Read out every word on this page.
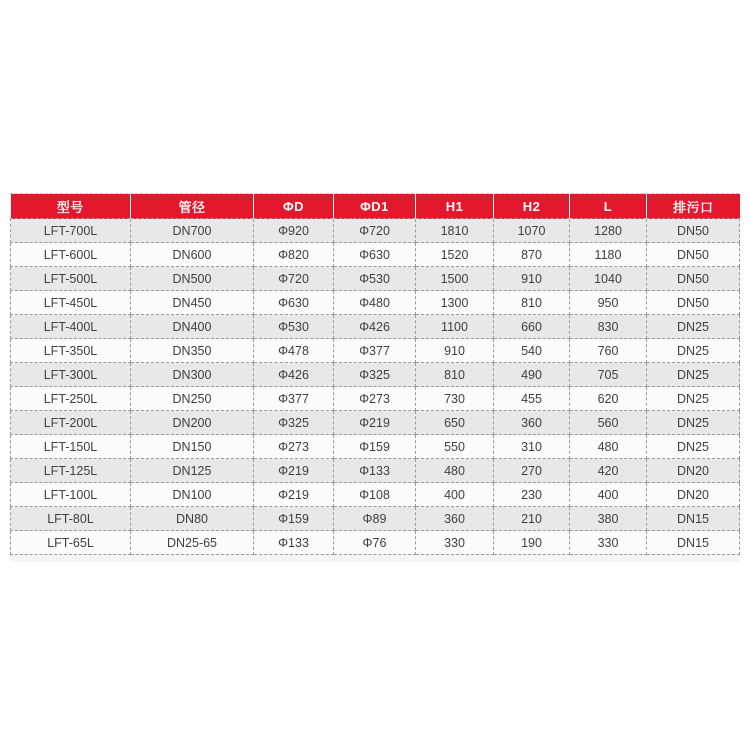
型号	管径	ΦD	ΦD1	H1	H2	L	排污口
LFT-700L	DN700	Φ920	Φ720	1810	1070	1280	DN50
LFT-600L	DN600	Φ820	Φ630	1520	870	1180	DN50
LFT-500L	DN500	Φ720	Φ530	1500	910	1040	DN50
LFT-450L	DN450	Φ630	Φ480	1300	810	950	DN50
LFT-400L	DN400	Φ530	Φ426	1100	660	830	DN25
LFT-350L	DN350	Φ478	Φ377	910	540	760	DN25
LFT-300L	DN300	Φ426	Φ325	810	490	705	DN25
LFT-250L	DN250	Φ377	Φ273	730	455	620	DN25
LFT-200L	DN200	Φ325	Φ219	650	360	560	DN25
LFT-150L	DN150	Φ273	Φ159	550	310	480	DN25
LFT-125L	DN125	Φ219	Φ133	480	270	420	DN20
LFT-100L	DN100	Φ219	Φ108	400	230	400	DN20
LFT-80L	DN80	Φ159	Φ89	360	210	380	DN15
LFT-65L	DN25-65	Φ133	Φ76	330	190	330	DN15
